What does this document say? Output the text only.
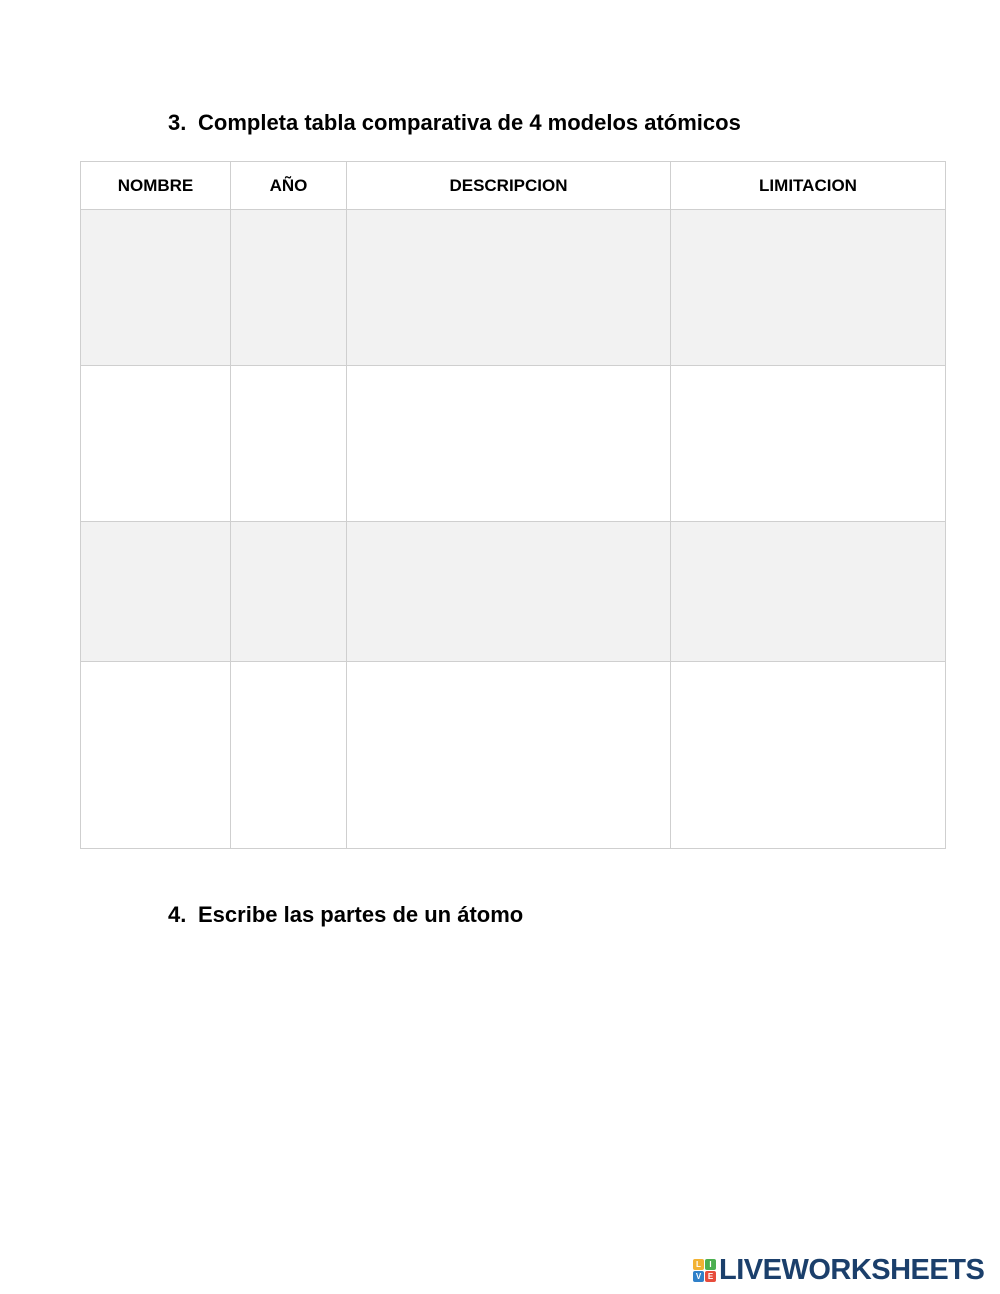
3. Completa tabla comparativa de 4 modelos atómicos
NOMBRE	AÑO	DESCRIPCION	LIMITACION

4. Escribe las partes de un átomo
L	I
V E LIVEWORKSHEETS
